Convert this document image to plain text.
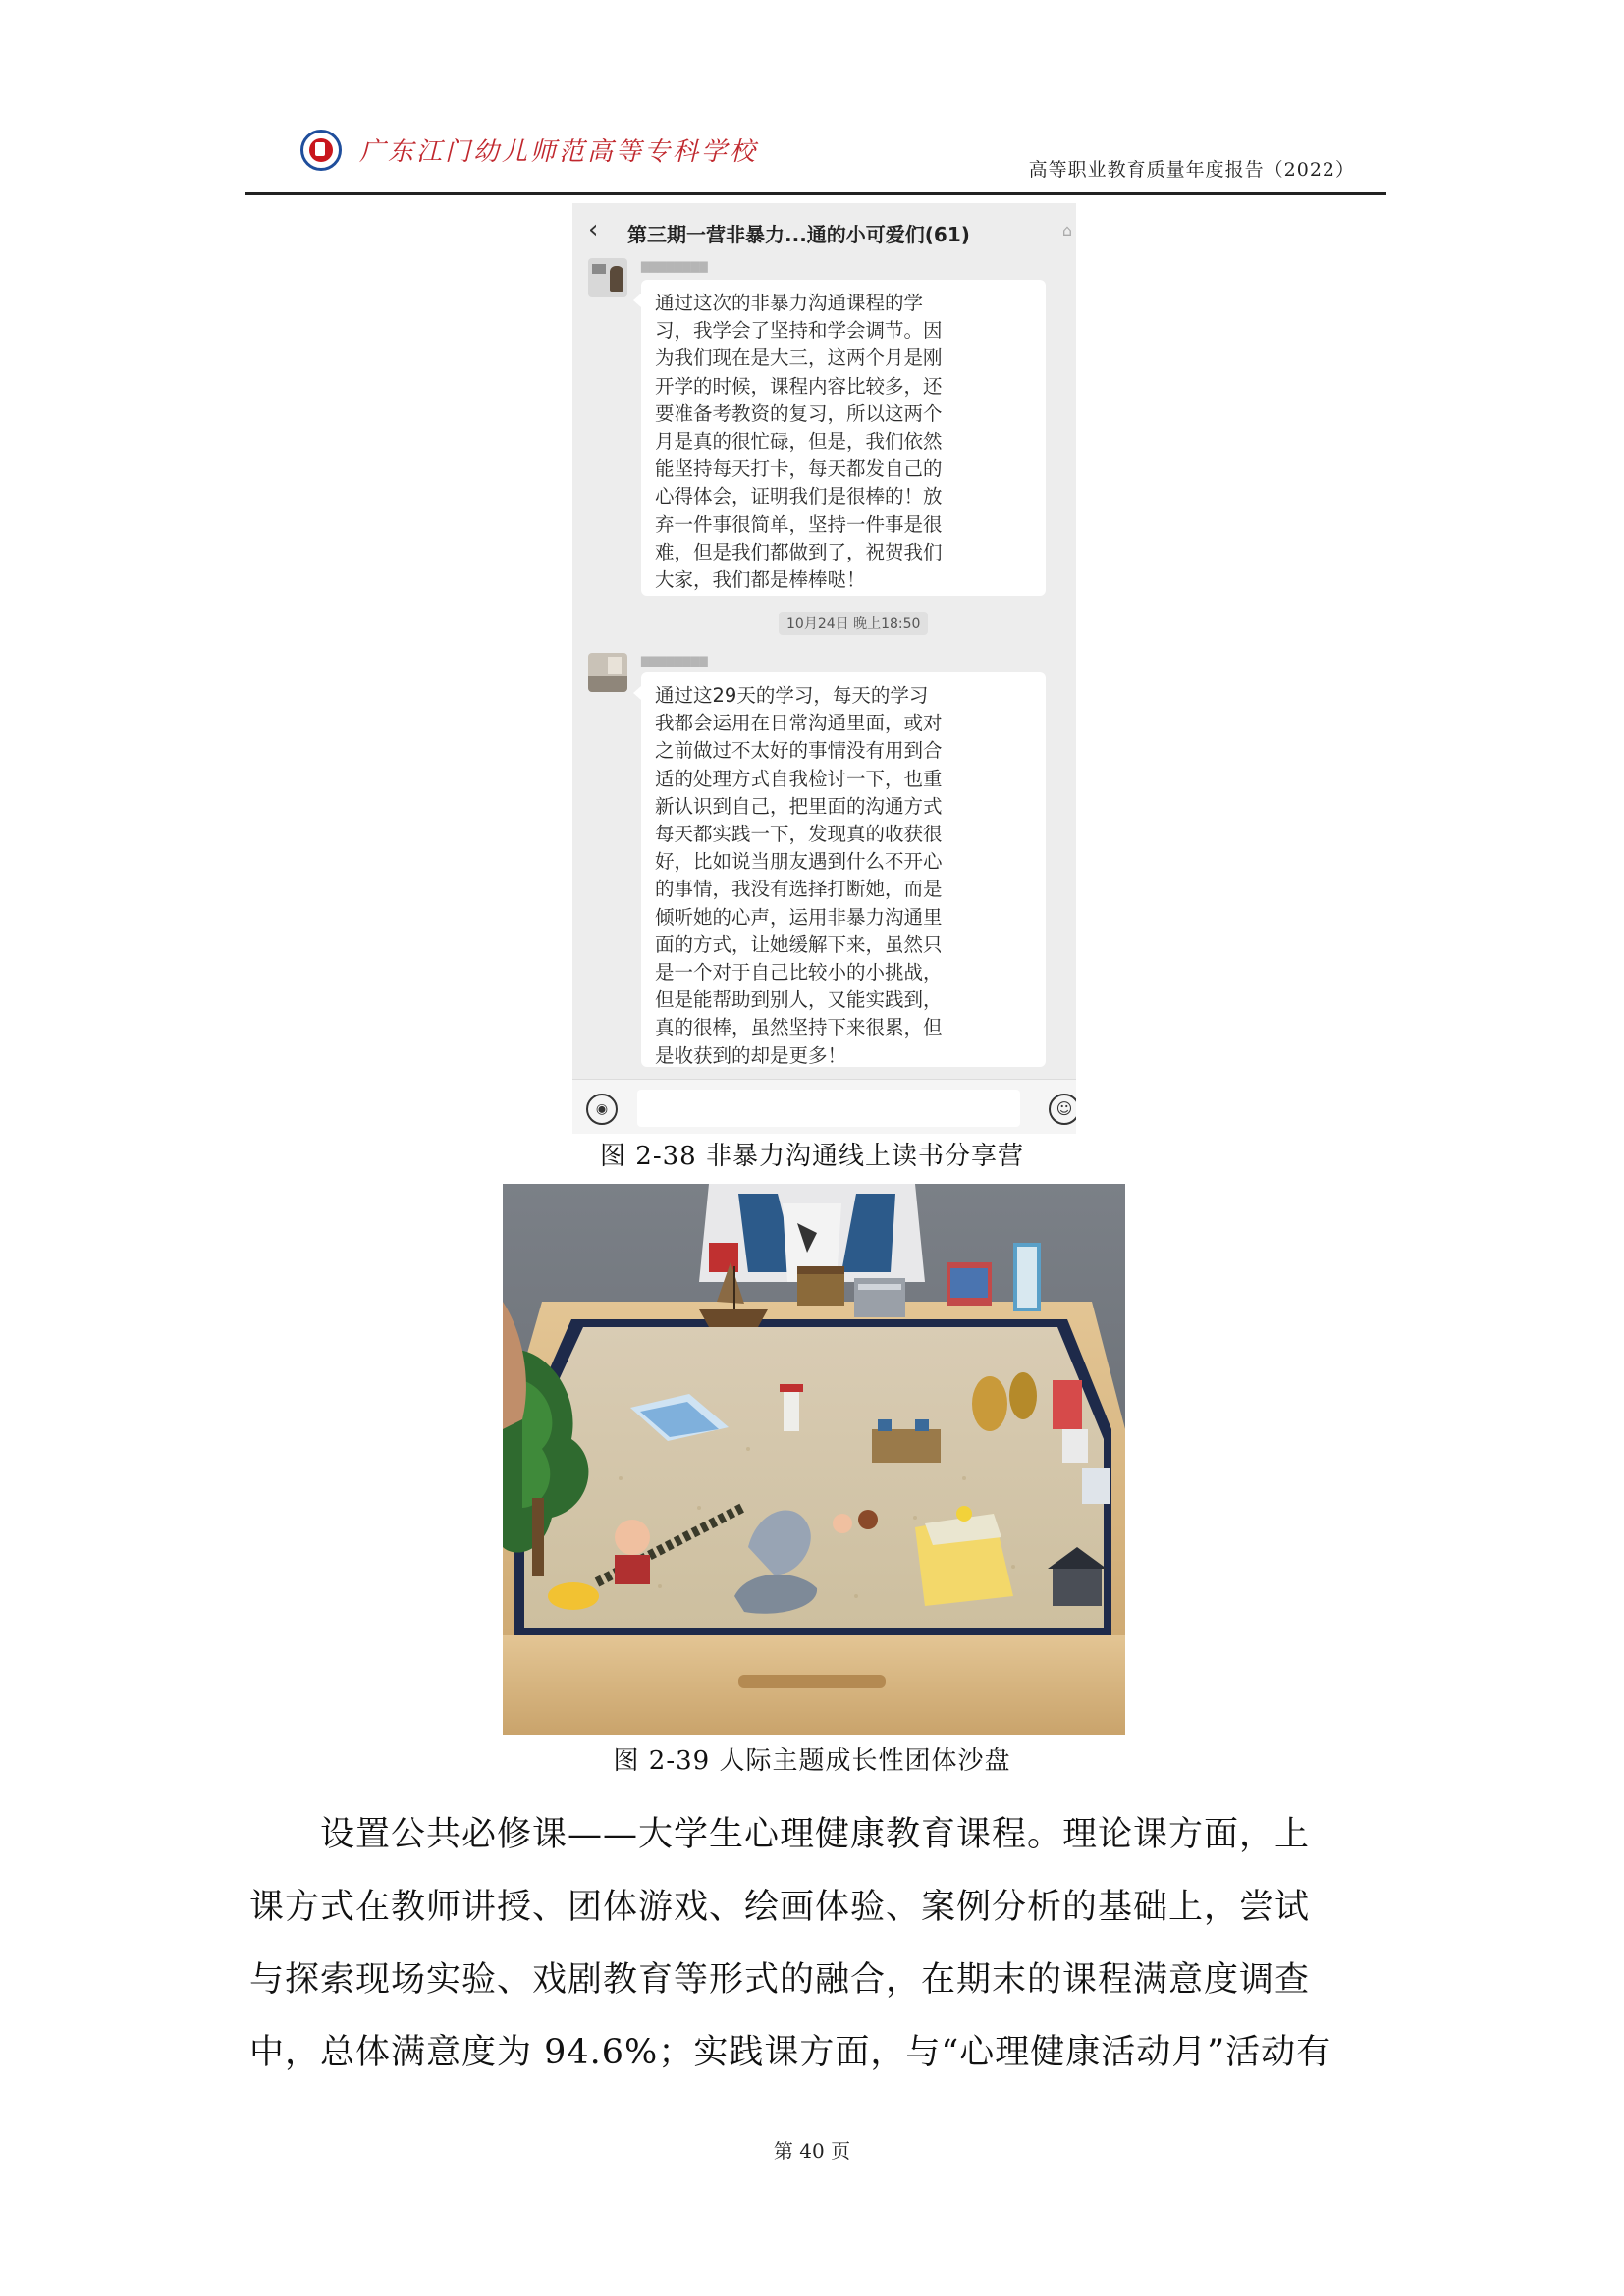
广东江门幼儿师范高等专科学校
高等职业教育质量年度报告（2022）
‹ 第三期一营非暴力...通的小可爱们(61)	⌂
▇▇▇▇▇▇▇▇

通过这次的非暴力沟通课程的学

习，我学会了坚持和学会调节。因

为我们现在是大三，这两个月是刚

开学的时候，课程内容比较多，还

要准备考教资的复习，所以这两个

月是真的很忙碌，但是，我们依然

能坚持每天打卡，每天都发自己的

心得体会，证明我们是很棒的！放

弃一件事很简单，坚持一件事是很

难，但是我们都做到了，祝贺我们

大家，我们都是棒棒哒！

10月24日 晚上18:50
▇▇▇▇▇▇▇▇

通过这29天的学习，每天的学习

我都会运用在日常沟通里面，或对

之前做过不太好的事情没有用到合

适的处理方式自我检讨一下，也重

新认识到自己，把里面的沟通方式

每天都实践一下，发现真的收获很

好，比如说当朋友遇到什么不开心

的事情，我没有选择打断她，而是

倾听她的心声，运用非暴力沟通里

面的方式，让她缓解下来，虽然只

是一个对于自己比较小的小挑战，

但是能帮助到别人，又能实践到，

真的很棒，虽然坚持下来很累，但

是收获到的却是更多！

◉	☺
图 2-38 非暴力沟通线上读书分享营
图 2-39 人际主题成长性团体沙盘
设置公共必修课——大学生心理健康教育课程。理论课方面，上
课方式在教师讲授、团体游戏、绘画体验、案例分析的基础上，尝试
与探索现场实验、戏剧教育等形式的融合，在期末的课程满意度调查
中，总体满意度为 94.6%；实践课方面，与“心理健康活动月”活动有
第 40 页
